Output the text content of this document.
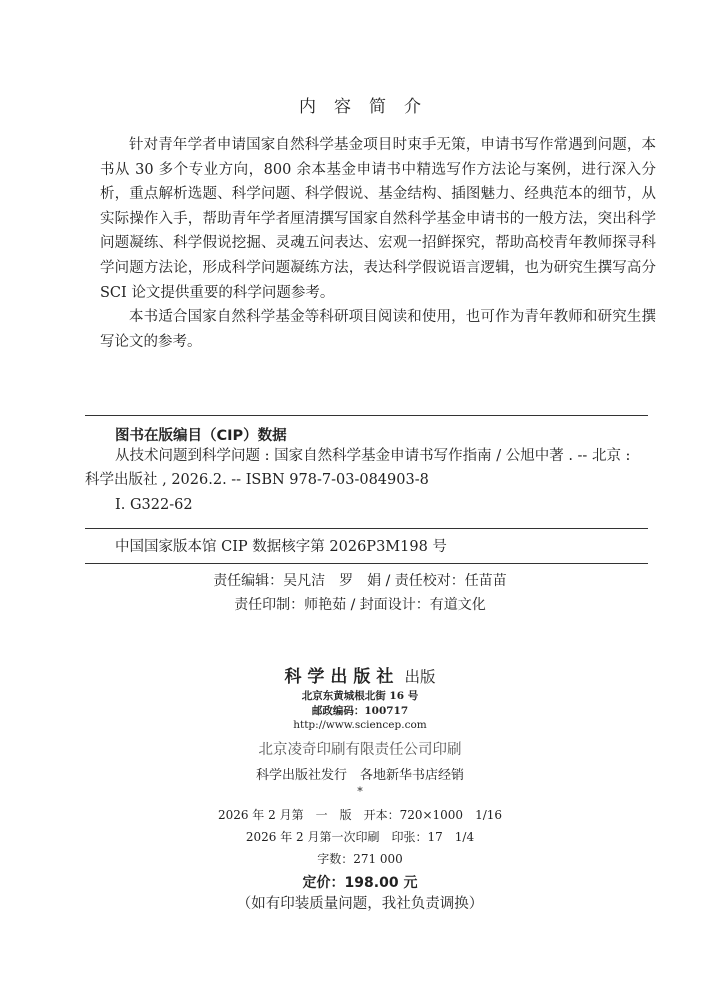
内容简介

针对青年学者申请国家自然科学基金项目时束手无策，申请书写作常遇到问题，本书从 30 多个专业方向，800 余本基金申请书中精选写作方法论与案例，进行深入分析，重点解析选题、科学问题、科学假说、基金结构、插图魅力、经典范本的细节，从实际操作入手，帮助青年学者厘清撰写国家自然科学基金申请书的一般方法，突出科学问题凝练、科学假说挖掘、灵魂五问表达、宏观一招鲜探究，帮助高校青年教师探寻科学问题方法论，形成科学问题凝练方法，表达科学假说语言逻辑，也为研究生撰写高分 SCI 论文提供重要的科学问题参考。

本书适合国家自然科学基金等科研项目阅读和使用，也可作为青年教师和研究生撰写论文的参考。

图书在版编目（CIP）数据

从技术问题到科学问题 : 国家自然科学基金申请书写作指南 / 公旭中著 . -- 北京 : 科学出版社 , 2026.2. -- ISBN 978-7-03-084903-8

I. G322-62
中国国家版本馆 CIP 数据核字第 2026P3M198 号
责任编辑：吴凡洁　罗　娟 / 责任校对：任苗苗
责任印制：师艳茹 / 封面设计：有道文化
科学出版社 出版
北京东黄城根北街 16 号
邮政编码：100717
http://www.sciencep.com
北京凌奇印刷有限责任公司印刷
科学出版社发行　各地新华书店经销
*
2026 年 2 月第　一　版　开本：720×1000　1/16
2026 年 2 月第一次印刷　印张：17　1/4
字数：271 000
定价：198.00 元
（如有印装质量问题，我社负责调换）
